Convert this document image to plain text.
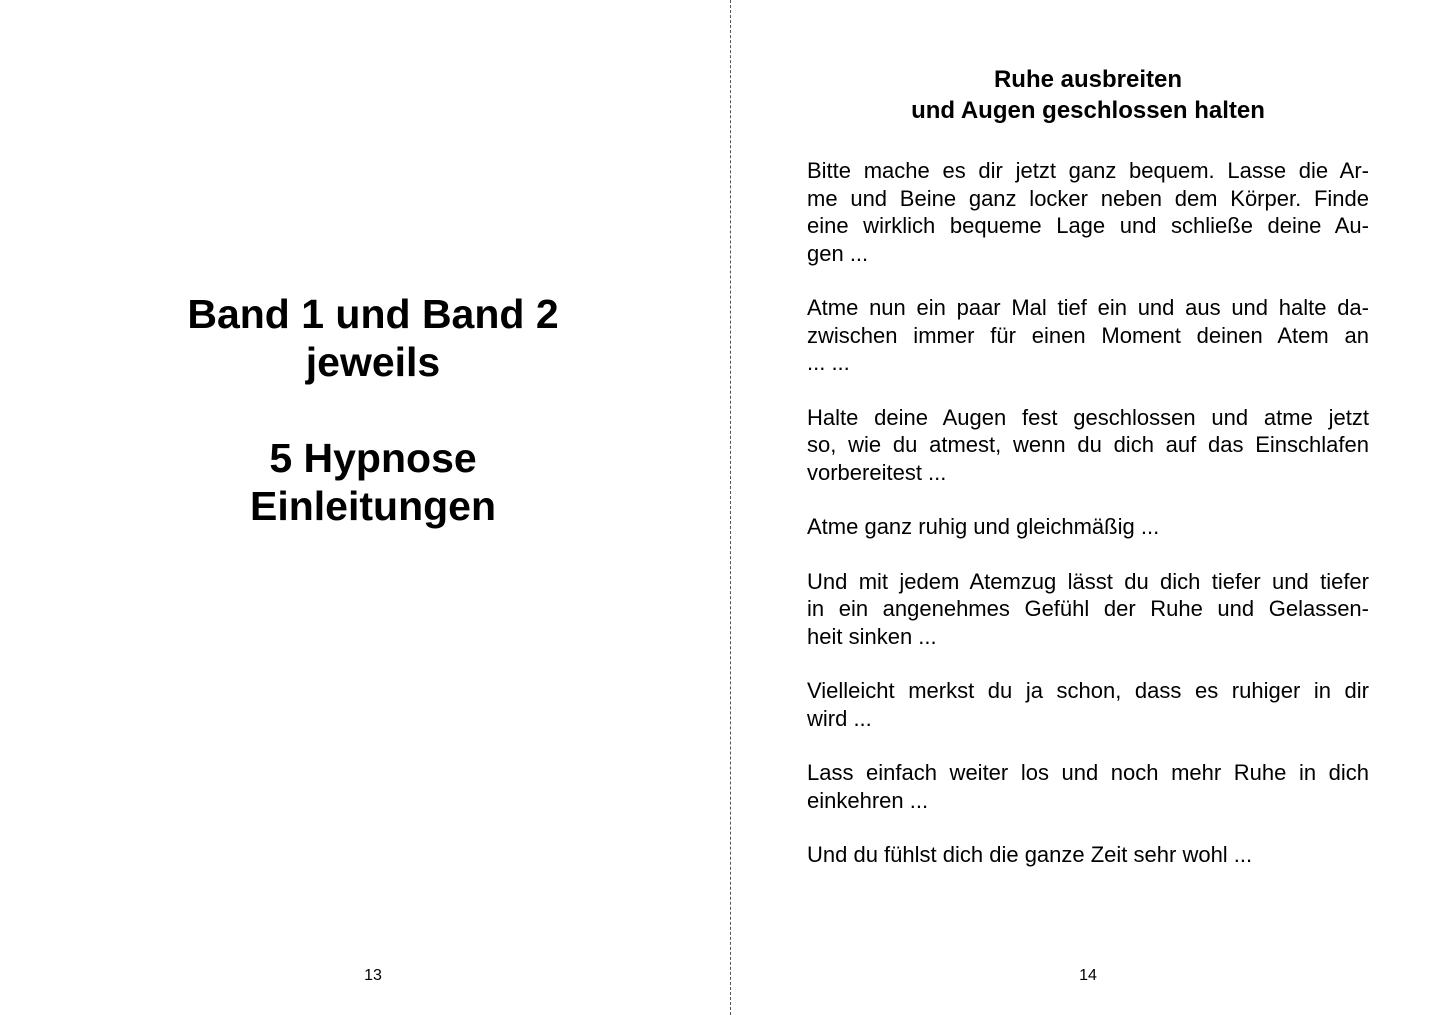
Band 1 und Band 2
jeweils
5 Hypnose
Einleitungen
13
Ruhe ausbreiten
und Augen geschlossen halten

Bitte mache es dir jetzt ganz bequem. Lasse die Ar-
me und Beine ganz locker neben dem Körper. Finde
eine wirklich bequeme Lage und schließe deine Au-
gen ...

Atme nun ein paar Mal tief ein und aus und halte da-
zwischen immer für einen Moment deinen Atem an
... ...

Halte deine Augen fest geschlossen und atme jetzt
so, wie du atmest, wenn du dich auf das Einschlafen
vorbereitest ...

Atme ganz ruhig und gleichmäßig ...

Und mit jedem Atemzug lässt du dich tiefer und tiefer
in ein angenehmes Gefühl der Ruhe und Gelassen-
heit sinken ...

Vielleicht merkst du ja schon, dass es ruhiger in dir
wird ...

Lass einfach weiter los und noch mehr Ruhe in dich
einkehren ...

Und du fühlst dich die ganze Zeit sehr wohl ...

14
